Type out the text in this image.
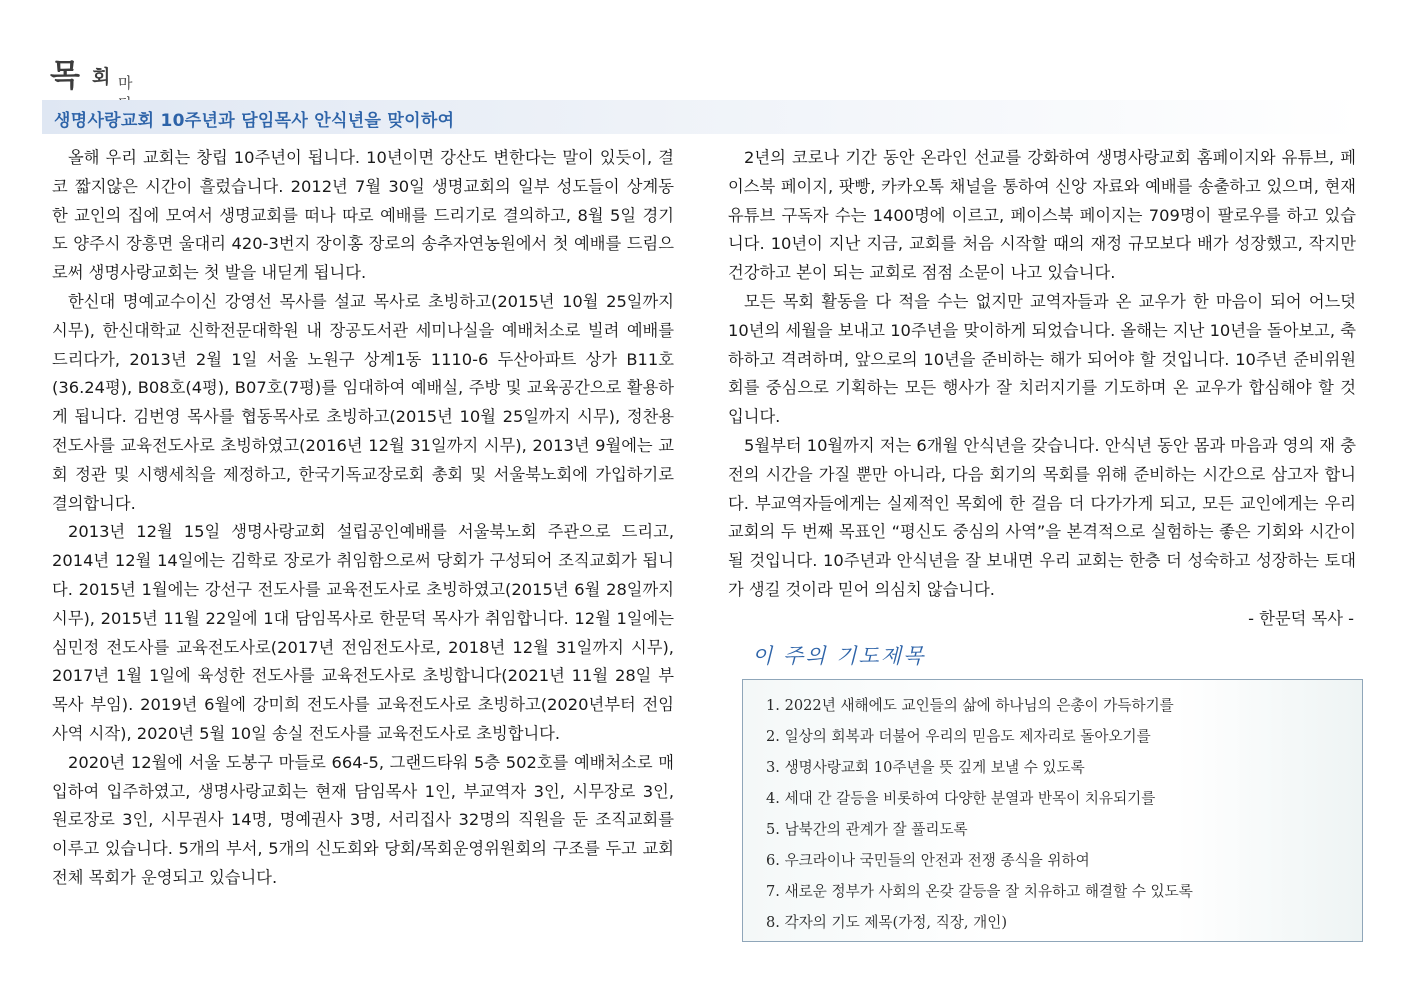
목 회 마
생명사랑교회 10주년과 담임목사 안식년을 맞이하여

올해 우리 교회는 창립 10주년이 됩니다. 10년이면 강산도 변한다는 말이 있듯이, 결코 짧지않은 시간이 흘렀습니다. 2012년 7월 30일 생명교회의 일부 성도들이 상계동 한 교인의 집에 모여서 생명교회를 떠나 따로 예배를 드리기로 결의하고, 8월 5일 경기도 양주시 장흥면 울대리 420-3번지 장이홍 장로의 송추자연농원에서 첫 예배를 드림으로써 생명사랑교회는 첫 발을 내딛게 됩니다.

한신대 명예교수이신 강영선 목사를 설교 목사로 초빙하고(2015년 10월 25일까지 시무), 한신대학교 신학전문대학원 내 장공도서관 세미나실을 예배처소로 빌려 예배를 드리다가, 2013년 2월 1일 서울 노원구 상계1동 1110-6 두산아파트 상가 B11호(36.24평), B08호(4평), B07호(7평)를 임대하여 예배실, 주방 및 교육공간으로 활용하게 됩니다. 김번영 목사를 협동목사로 초빙하고(2015년 10월 25일까지 시무), 정찬용 전도사를 교육전도사로 초빙하였고(2016년 12월 31일까지 시무), 2013년 9월에는 교회 정관 및 시행세칙을 제정하고, 한국기독교장로회 총회 및 서울북노회에 가입하기로 결의합니다.

2013년 12월 15일 생명사랑교회 설립공인예배를 서울북노회 주관으로 드리고, 2014년 12월 14일에는 김학로 장로가 취임함으로써 당회가 구성되어 조직교회가 됩니다. 2015년 1월에는 강선구 전도사를 교육전도사로 초빙하였고(2015년 6월 28일까지 시무), 2015년 11월 22일에 1대 담임목사로 한문덕 목사가 취임합니다. 12월 1일에는 심민정 전도사를 교육전도사로(2017년 전임전도사로, 2018년 12월 31일까지 시무), 2017년 1월 1일에 육성한 전도사를 교육전도사로 초빙합니다(2021년 11월 28일 부목사 부임). 2019년 6월에 강미희 전도사를 교육전도사로 초빙하고(2020년부터 전임 사역 시작), 2020년 5월 10일 송실 전도사를 교육전도사로 초빙합니다.

2020년 12월에 서울 도봉구 마들로 664-5, 그랜드타워 5층 502호를 예배처소로 매입하여 입주하였고, 생명사랑교회는 현재 담임목사 1인, 부교역자 3인, 시무장로 3인, 원로장로 3인, 시무권사 14명, 명예권사 3명, 서리집사 32명의 직원을 둔 조직교회를 이루고 있습니다. 5개의 부서, 5개의 신도회와 당회/목회운영위원회의 구조를 두고 교회 전체 목회가 운영되고 있습니다.

2년의 코로나 기간 동안 온라인 선교를 강화하여 생명사랑교회 홈페이지와 유튜브, 페이스북 페이지, 팟빵, 카카오톡 채널을 통하여 신앙 자료와 예배를 송출하고 있으며, 현재 유튜브 구독자 수는 1400명에 이르고, 페이스북 페이지는 709명이 팔로우를 하고 있습니다. 10년이 지난 지금, 교회를 처음 시작할 때의 재정 규모보다 배가 성장했고, 작지만 건강하고 본이 되는 교회로 점점 소문이 나고 있습니다.

모든 목회 활동을 다 적을 수는 없지만 교역자들과 온 교우가 한 마음이 되어 어느덧 10년의 세월을 보내고 10주년을 맞이하게 되었습니다. 올해는 지난 10년을 돌아보고, 축하하고 격려하며, 앞으로의 10년을 준비하는 해가 되어야 할 것입니다. 10주년 준비위원회를 중심으로 기획하는 모든 행사가 잘 치러지기를 기도하며 온 교우가 합심해야 할 것입니다.

5월부터 10월까지 저는 6개월 안식년을 갖습니다. 안식년 동안 몸과 마음과 영의 재 충전의 시간을 가질 뿐만 아니라, 다음 회기의 목회를 위해 준비하는 시간으로 삼고자 합니다. 부교역자들에게는 실제적인 목회에 한 걸음 더 다가가게 되고, 모든 교인에게는 우리 교회의 두 번째 목표인 “평신도 중심의 사역”을 본격적으로 실험하는 좋은 기회와 시간이 될 것입니다. 10주년과 안식년을 잘 보내면 우리 교회는 한층 더 성숙하고 성장하는 토대가 생길 것이라 믿어 의심치 않습니다.

- 한문덕 목사 -

이 주의 기도제목
1. 2022년 새해에도 교인들의 삶에 하나님의 은총이 가득하기를
2. 일상의 회복과 더불어 우리의 믿음도 제자리로 돌아오기를
3. 생명사랑교회 10주년을 뜻 깊게 보낼 수 있도록
4. 세대 간 갈등을 비롯하여 다양한 분열과 반목이 치유되기를
5. 남북간의 관계가 잘 풀리도록
6. 우크라이나 국민들의 안전과 전쟁 종식을 위하여
7. 새로운 정부가 사회의 온갖 갈등을 잘 치유하고 해결할 수 있도록
8. 각자의 기도 제목(가정, 직장, 개인)
